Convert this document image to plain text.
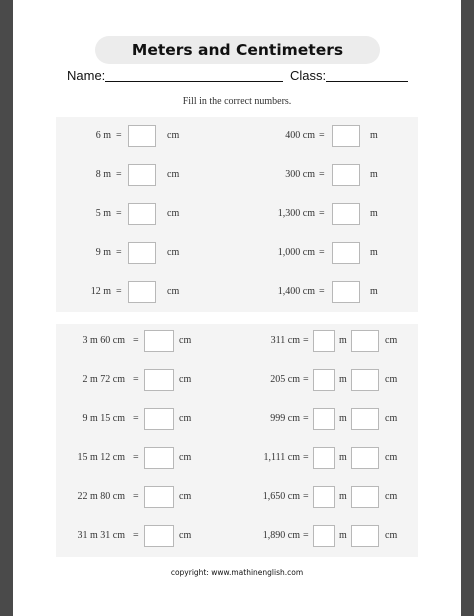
Meters and Centimeters
Name:	Class:
Fill in the correct numbers.
6 m =	cm	400 cm =	m
8 m =	cm	300 cm =	m
5 m =	cm	1,300 cm =	m
9 m =	cm	1,000 cm =	m
12 m =	cm	1,400 cm =	m
3 m 60 cm =	cm	311 cm =	m	cm
2 m 72 cm =	cm	205 cm =	m	cm
9 m 15 cm =	cm	999 cm =	m	cm
15 m 12 cm =	cm	1,111 cm =	m	cm
22 m 80 cm =	cm	1,650 cm =	m	cm
31 m 31 cm =	cm	1,890 cm =	m	cm
copyright: www.mathinenglish.com
